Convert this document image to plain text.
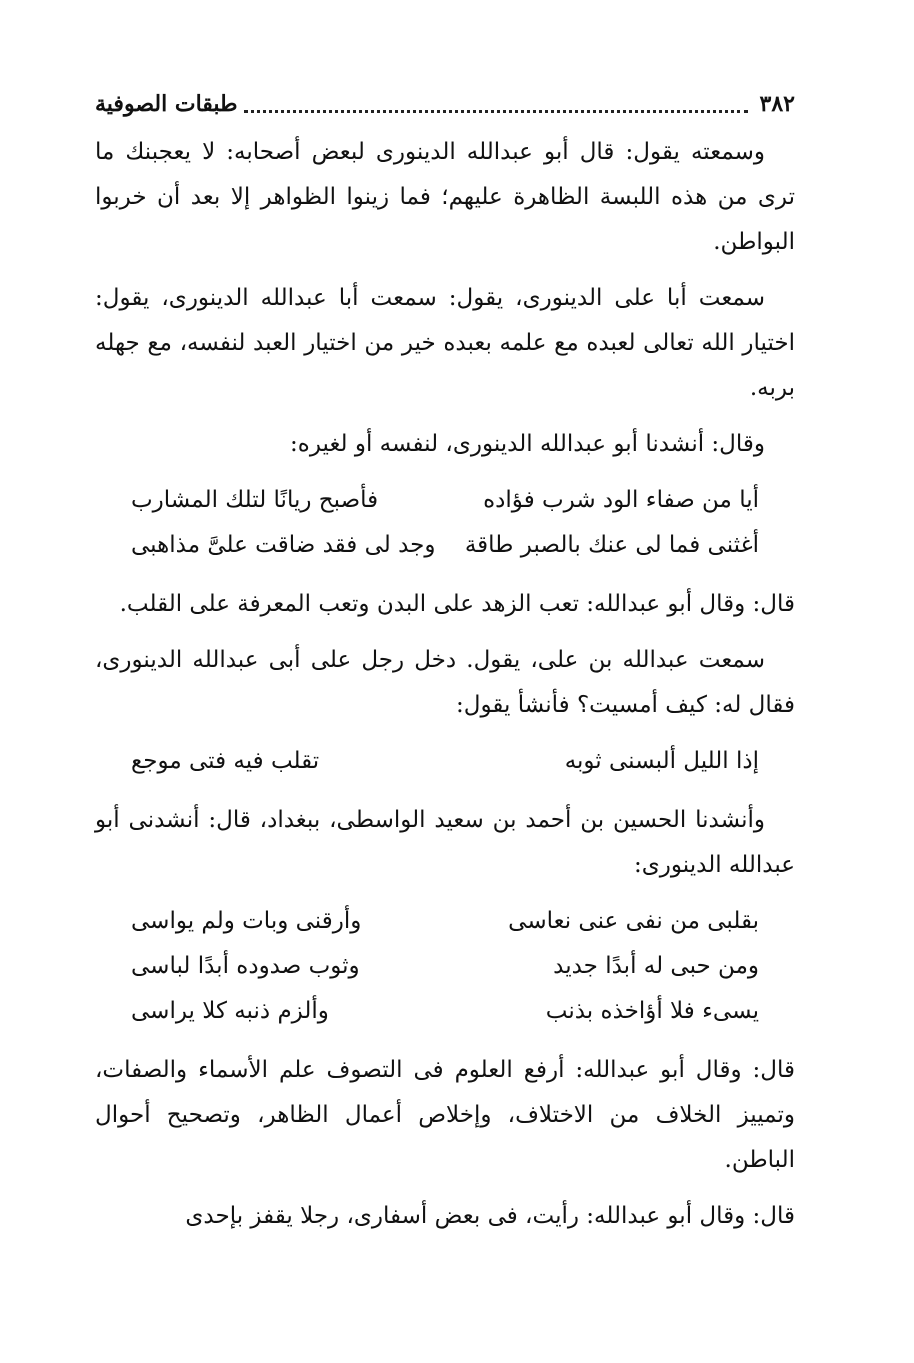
٣٨٢
طبقات الصوفية

وسمعته يقول: قال أبو عبدالله الدينورى لبعض أصحابه: لا يعجبنك ما ترى من هذه اللبسة الظاهرة عليهم؛ فما زينوا الظواهر إلا بعد أن خربوا البواطن.

سمعت أبا على الدينورى، يقول: سمعت أبا عبدالله الدينورى، يقول: اختيار الله تعالى لعبده مع علمه بعبده خير من اختيار العبد لنفسه، مع جهله بربه.

وقال: أنشدنا أبو عبدالله الدينورى، لنفسه أو لغيره:

أيا من صفاء الود شرب فؤاده
فأصبح ريانًا لتلك المشارب
أغثنى فما لى عنك بالصبر طاقة
وجد لى فقد ضاقت علىَّ مذاهبى

قال: وقال أبو عبدالله: تعب الزهد على البدن وتعب المعرفة على القلب.

سمعت عبدالله بن على، يقول. دخل رجل على أبى عبدالله الدينورى، فقال له: كيف أمسيت؟ فأنشأ يقول:

إذا الليل ألبسنى ثوبه
تقلب فيه فتى موجع

وأنشدنا الحسين بن أحمد بن سعيد الواسطى، ببغداد، قال: أنشدنى أبو عبدالله الدينورى:

بقلبى من نفى عنى نعاسى
وأرقنى وبات ولم يواسى
ومن حبى له أبدًا جديد
وثوب صدوده أبدًا لباسى
يسىء فلا أؤاخذه بذنب
وألزم ذنبه كلا يراسى

قال: وقال أبو عبدالله: أرفع العلوم فى التصوف علم الأسماء والصفات، وتمييز الخلاف من الاختلاف، وإخلاص أعمال الظاهر، وتصحيح أحوال الباطن.

قال: وقال أبو عبدالله: رأيت، فى بعض أسفارى، رجلا يقفز بإحدى
